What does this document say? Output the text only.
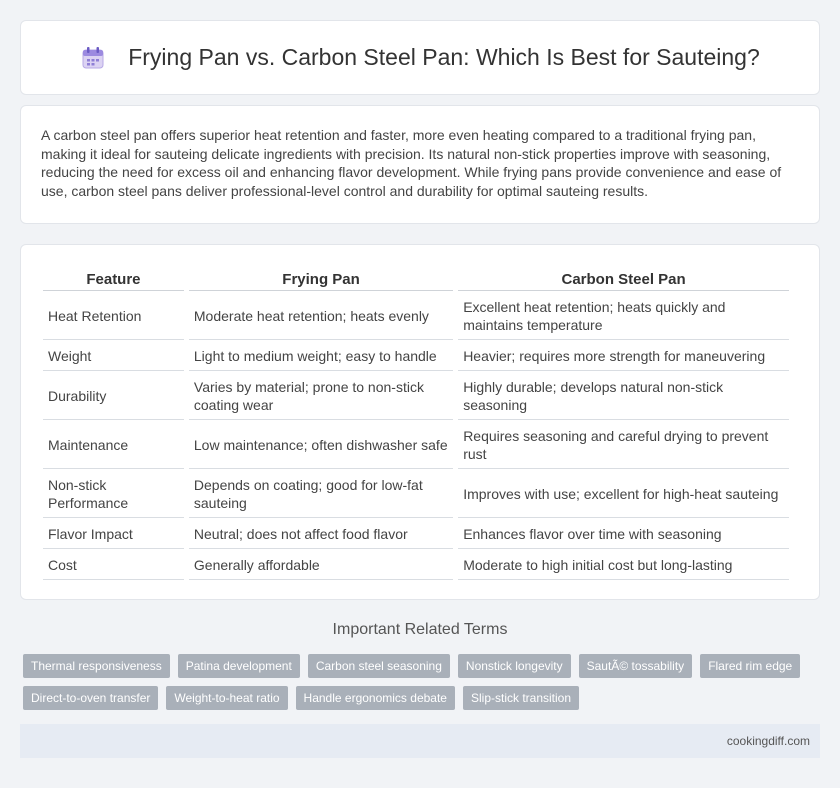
Frying Pan vs. Carbon Steel Pan: Which Is Best for Sauteing?

A carbon steel pan offers superior heat retention and faster, more even heating compared to a traditional frying pan, making it ideal for sauteing delicate ingredients with precision. Its natural non-stick properties improve with seasoning, reducing the need for excess oil and enhancing flavor development. While frying pans provide convenience and ease of use, carbon steel pans deliver professional-level control and durability for optimal sauteing results.

Feature	Frying Pan	Carbon Steel Pan
Heat Retention	Moderate heat retention; heats evenly	Excellent heat retention; heats quickly and maintains temperature
Weight	Light to medium weight; easy to handle	Heavier; requires more strength for maneuvering
Durability	Varies by material; prone to non-stick coating wear	Highly durable; develops natural non-stick seasoning
Maintenance	Low maintenance; often dishwasher safe	Requires seasoning and careful drying to prevent rust
Non-stick Performance	Depends on coating; good for low-fat sauteing	Improves with use; excellent for high-heat sauteing
Flavor Impact	Neutral; does not affect food flavor	Enhances flavor over time with seasoning
Cost	Generally affordable	Moderate to high initial cost but long-lasting
Important Related Terms
Thermal responsiveness	Patina development	Carbon steel seasoning	Nonstick longevity	SautÃ© tossability	Flared rim edge
Direct-to-oven transfer	Weight-to-heat ratio	Handle ergonomics debate	Slip-stick transition
cookingdiff.com
